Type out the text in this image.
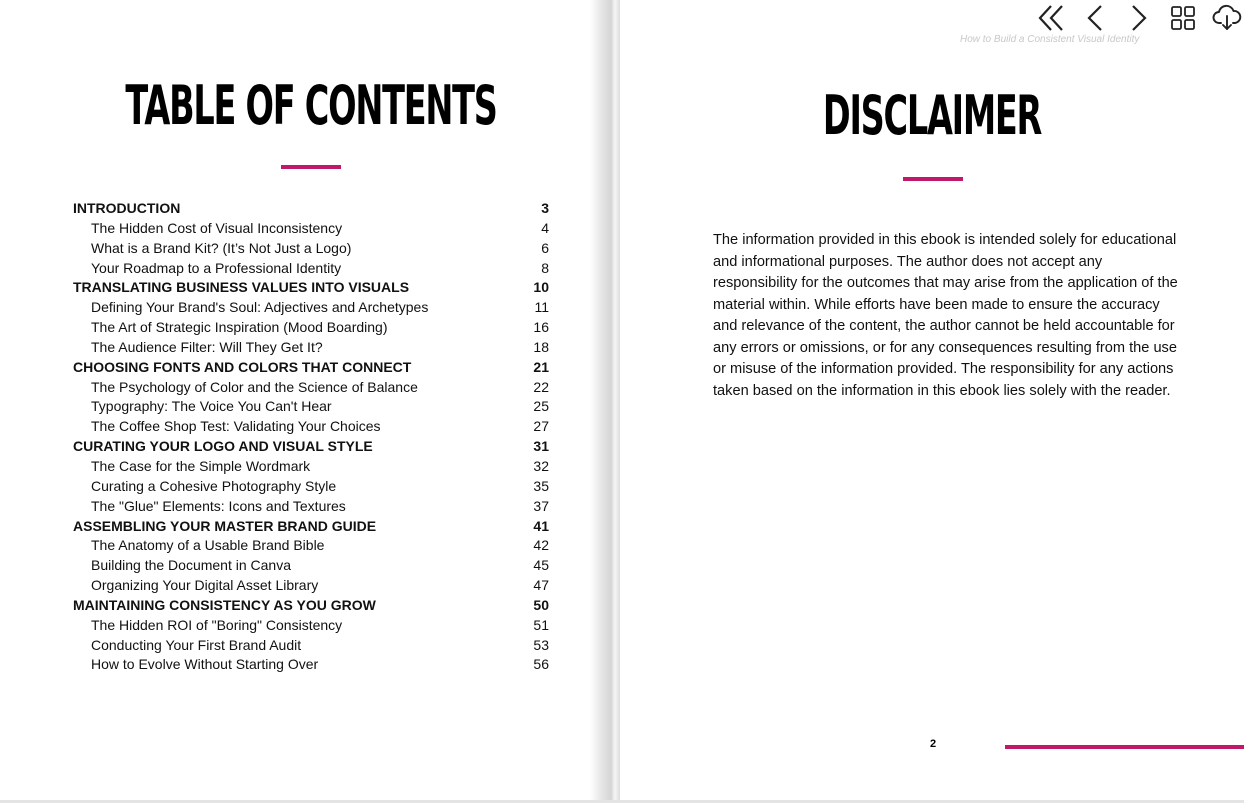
TABLE OF CONTENTS
INTRODUCTION	3
The Hidden Cost of Visual Inconsistency	4
What is a Brand Kit? (It’s Not Just a Logo)	6
Your Roadmap to a Professional Identity	8
TRANSLATING BUSINESS VALUES INTO VISUALS	10
Defining Your Brand's Soul: Adjectives and Archetypes	11
The Art of Strategic Inspiration (Mood Boarding)	16
The Audience Filter: Will They Get It?	18
CHOOSING FONTS AND COLORS THAT CONNECT	21
The Psychology of Color and the Science of Balance	22
Typography: The Voice You Can't Hear	25
The Coffee Shop Test: Validating Your Choices	27
CURATING YOUR LOGO AND VISUAL STYLE	31
The Case for the Simple Wordmark	32
Curating a Cohesive Photography Style	35
The "Glue" Elements: Icons and Textures	37
ASSEMBLING YOUR MASTER BRAND GUIDE	41
The Anatomy of a Usable Brand Bible	42
Building the Document in Canva	45
Organizing Your Digital Asset Library	47
MAINTAINING CONSISTENCY AS YOU GROW	50
The Hidden ROI of "Boring" Consistency	51
Conducting Your First Brand Audit	53
How to Evolve Without Starting Over	56
How to Build a Consistent Visual Identity
DISCLAIMER

The information provided in this ebook is intended solely for educational and informational purposes. The author does not accept any responsibility for the outcomes that may arise from the application of the material within. While efforts have been made to ensure the accuracy and relevance of the content, the author cannot be held accountable for any errors or omissions, or for any consequences resulting from the use or misuse of the information provided. The responsibility for any actions taken based on the information in this ebook lies solely with the reader.

2
